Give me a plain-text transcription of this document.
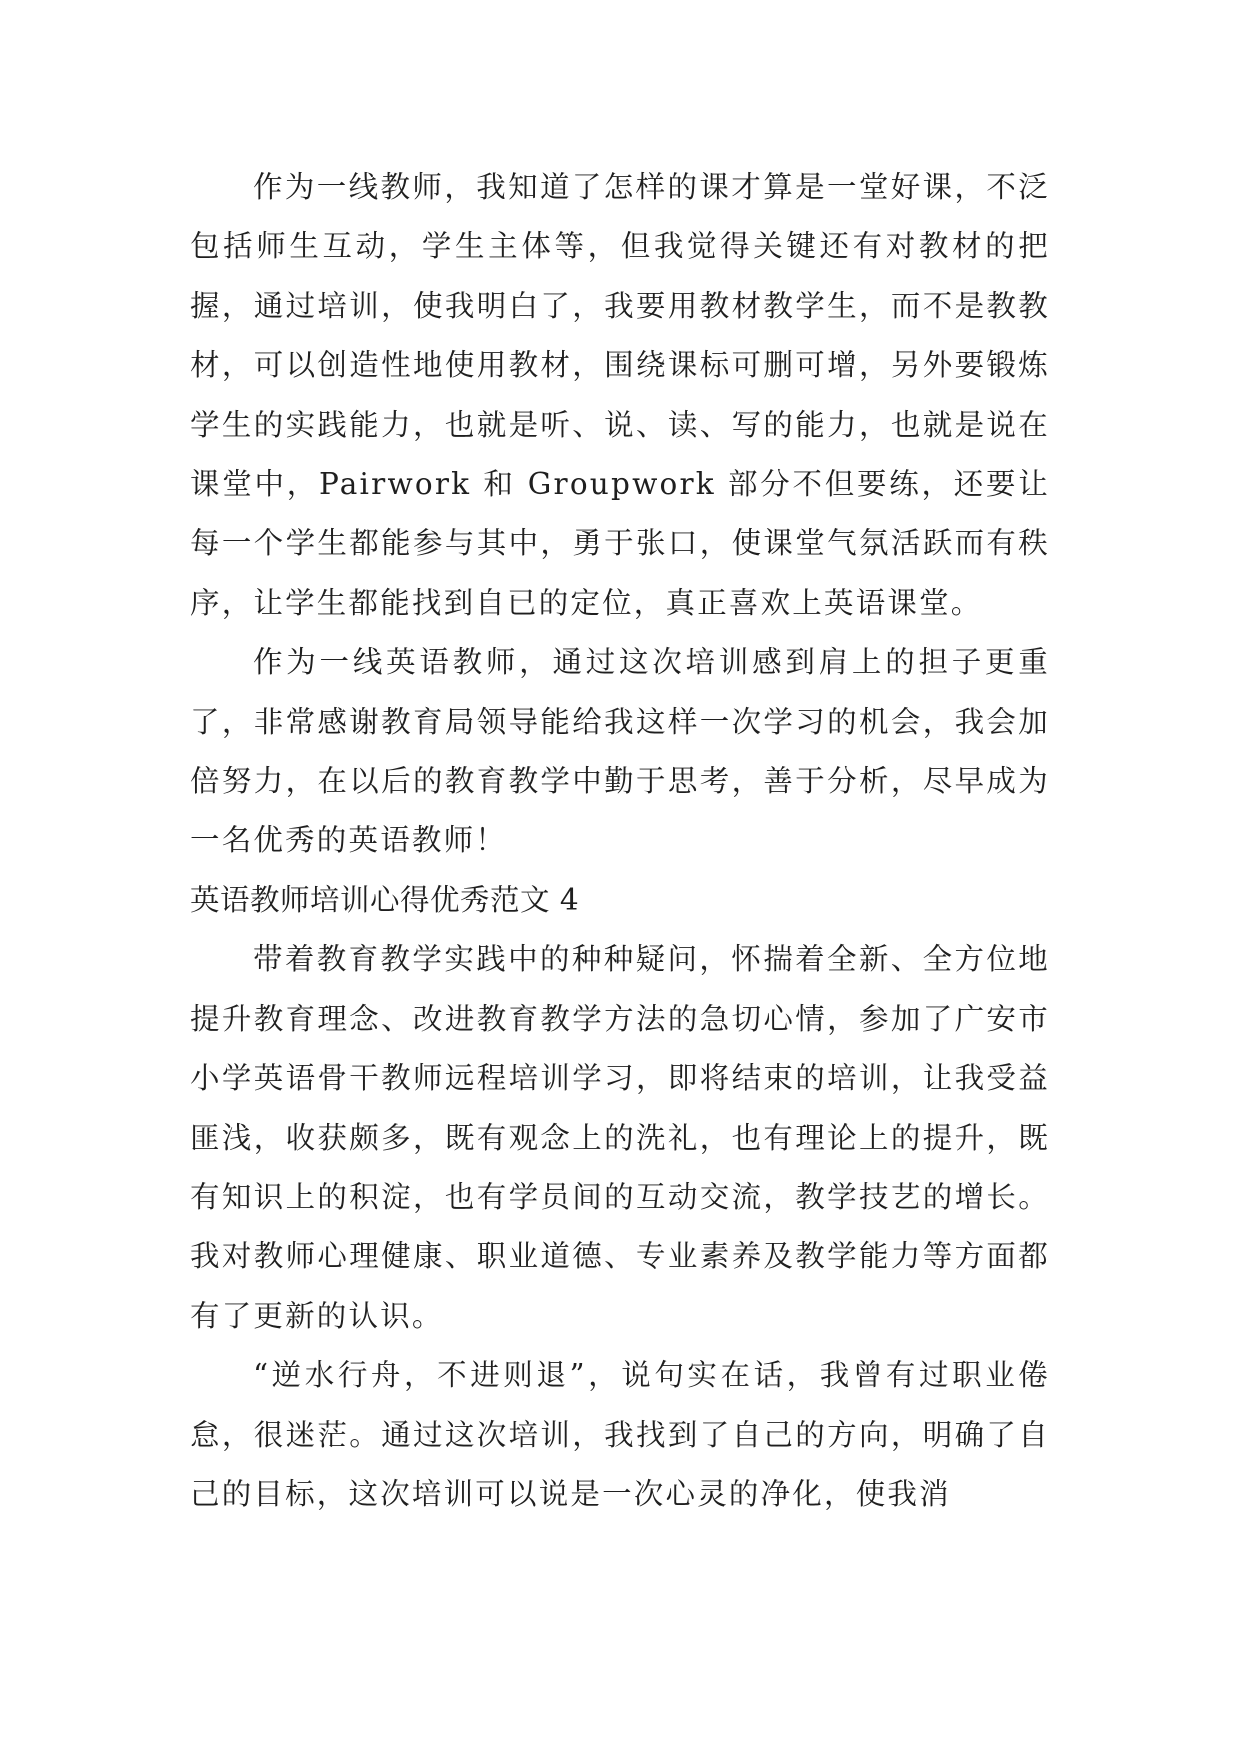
作为一线教师，我知道了怎样的课才算是一堂好课，不泛包括师生互动，学生主体等，但我觉得关键还有对教材的把握，通过培训，使我明白了，我要用教材教学生，而不是教教材，可以创造性地使用教材，围绕课标可删可增，另外要锻炼学生的实践能力，也就是听、说、读、写的能力，也就是说在课堂中，Pairwork 和 Groupwork 部分不但要练，还要让每一个学生都能参与其中，勇于张口，使课堂气氛活跃而有秩序，让学生都能找到自已的定位，真正喜欢上英语课堂。

作为一线英语教师，通过这次培训感到肩上的担子更重了，非常感谢教育局领导能给我这样一次学习的机会，我会加倍努力，在以后的教育教学中勤于思考，善于分析，尽早成为一名优秀的英语教师！

英语教师培训心得优秀范文 4

带着教育教学实践中的种种疑问，怀揣着全新、全方位地提升教育理念、改进教育教学方法的急切心情，参加了广安市小学英语骨干教师远程培训学习，即将结束的培训，让我受益匪浅，收获颇多，既有观念上的洗礼，也有理论上的提升，既有知识上的积淀，也有学员间的互动交流，教学技艺的增长。我对教师心理健康、职业道德、专业素养及教学能力等方面都有了更新的认识。

“逆水行舟，不进则退”，说句实在话，我曾有过职业倦怠，很迷茫。通过这次培训，我找到了自己的方向，明确了自己的目标，这次培训可以说是一次心灵的净化，使我消
